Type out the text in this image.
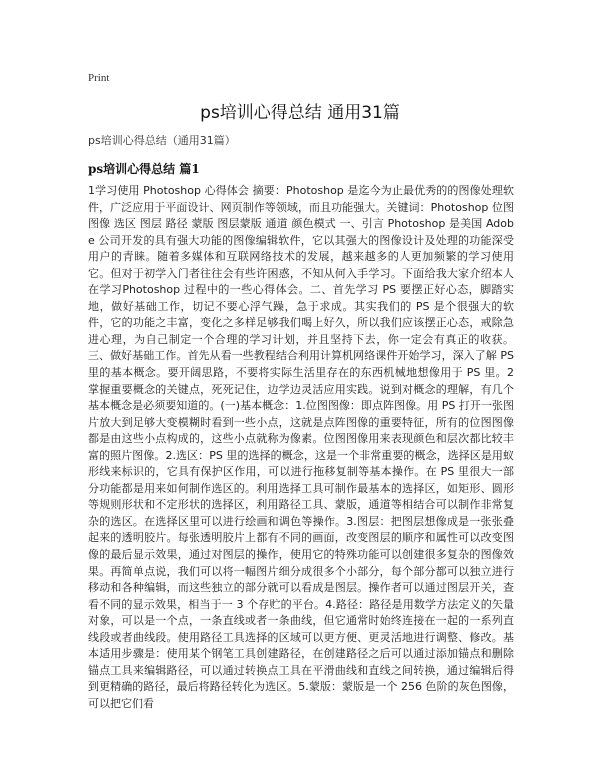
Print
ps培训心得总结 通用31篇
ps培训心得总结（通用31篇）
ps培训心得总结 篇1

1学习使用 Photoshop 心得体会 摘要：Photoshop 是迄今为止最优秀的的图像处理软件，广泛应用于平面设计、网页制作等领域，而且功能强大。关键词：Photoshop 位图图像 选区 图层 路径 蒙版 图层蒙版 通道 颜色模式 一、引言 Photoshop 是美国 Adobe 公司开发的具有强大功能的图像编辑软件，它以其强大的图像设计及处理的功能深受用户的青睐。随着多媒体和互联网络技术的发展，越来越多的人更加频繁的学习使用它。但对于初学入门者往往会有些许困惑，不知从何入手学习。下面给我大家介绍本人在学习Photoshop 过程中的一些心得体会。二、首先学习 PS 要摆正好心态，脚踏实地，做好基础工作，切记不要心浮气躁，急于求成。其实我们的 PS 是个很强大的软件，它的功能之丰富，变化之多样足够我们喝上好久，所以我们应该摆正心态，戒除急进心理，为自己制定一个合理的学习计划，并且坚持下去，你一定会有真正的收获。三、做好基础工作。首先从看一些教程结合利用计算机网络课件开始学习，深入了解 PS 里的基本概念。要开阔思路，不要将实际生活里存在的东西机械地想像用于 PS 里。2 掌握重要概念的关键点，死死记住，边学边灵活应用实践。说到对概念的理解，有几个基本概念是必须要知道的。(一)基本概念：1.位图图像：即点阵图像。用 PS 打开一张图片放大到足够大变模糊时看到一些小点，这就是点阵图像的重要特征，所有的位图图像都是由这些小点构成的，这些小点就称为像素。位图图像用来表现颜色和层次都比较丰富的照片图像。2.选区：PS 里的选择的概念，这是一个非常重要的概念，选择区是用蚁形线来标识的，它具有保护区作用，可以进行拖移复制等基本操作。在 PS 里很大一部分功能都是用来如何制作选区的。利用选择工具可制作最基本的选择区，如矩形、圆形等规则形状和不定形状的选择区，利用路径工具、蒙版，通道等相结合可以制作非常复杂的选区。在选择区里可以进行绘画和调色等操作。3.图层：把图层想像成是一张张叠起来的透明胶片。每张透明胶片上都有不同的画面，改变图层的顺序和属性可以改变图像的最后显示效果，通过对图层的操作，使用它的特殊功能可以创建很多复杂的图像效果。再简单点说，我们可以将一幅图片细分成很多个小部分，每个部分都可以独立进行移动和各种编辑，而这些独立的部分就可以看成是图层。操作者可以通过图层开关，查看不同的显示效果，相当于一 3 个存贮的平台。4.路径：路径是用数学方法定义的矢量对象，可以是一个点，一条直线或者一条曲线，但它通常时始终连接在一起的一系列直线段或者曲线段。使用路径工具选择的区域可以更方便、更灵活地进行调整、修改。基本适用步骤是：使用某个钢笔工具创建路径，在创建路径之后可以通过添加锚点和删除锚点工具来编辑路径，可以通过转换点工具在平滑曲线和直线之间转换，通过编辑后得到更精确的路径，最后将路径转化为选区。5.蒙版：蒙版是一个 256 色阶的灰色图像，可以把它们看
